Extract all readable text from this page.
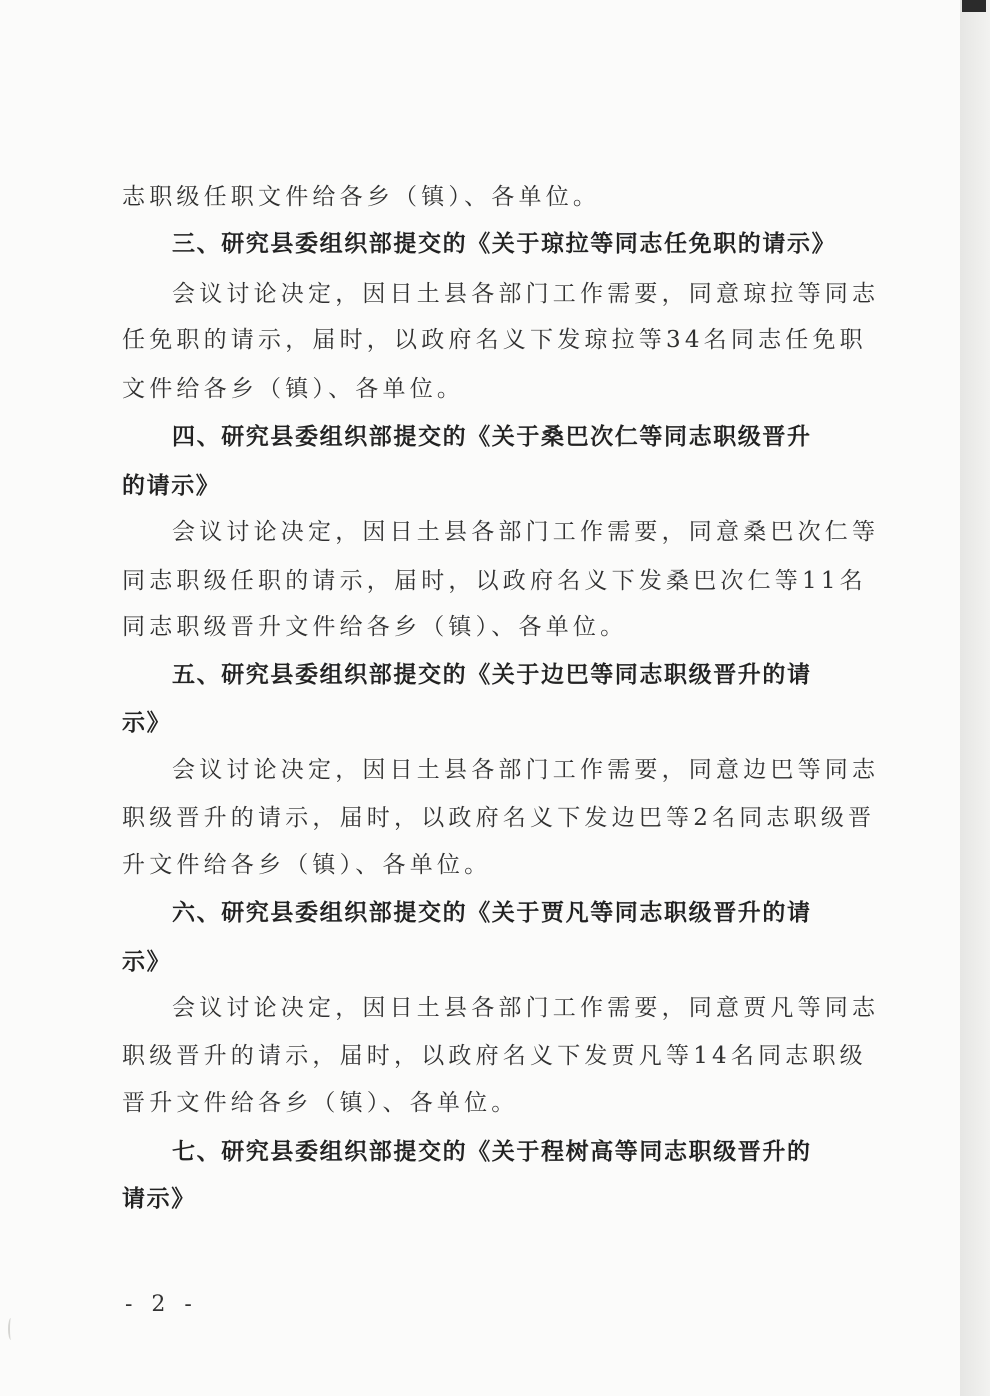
志职级任职文件给各乡（镇）、各单位。
三、研究县委组织部提交的《关于琼拉等同志任免职的请示》
会议讨论决定，因日土县各部门工作需要，同意琼拉等同志
任免职的请示，届时，以政府名义下发琼拉等34名同志任免职
文件给各乡（镇）、各单位。
四、研究县委组织部提交的《关于桑巴次仁等同志职级晋升
的请示》
会议讨论决定，因日土县各部门工作需要，同意桑巴次仁等
同志职级任职的请示，届时，以政府名义下发桑巴次仁等11名
同志职级晋升文件给各乡（镇）、各单位。
五、研究县委组织部提交的《关于边巴等同志职级晋升的请
示》
会议讨论决定，因日土县各部门工作需要，同意边巴等同志
职级晋升的请示，届时，以政府名义下发边巴等2名同志职级晋
升文件给各乡（镇）、各单位。
六、研究县委组织部提交的《关于贾凡等同志职级晋升的请
示》
会议讨论决定，因日土县各部门工作需要，同意贾凡等同志
职级晋升的请示，届时，以政府名义下发贾凡等14名同志职级
晋升文件给各乡（镇）、各单位。
七、研究县委组织部提交的《关于程树高等同志职级晋升的
请示》
- 2 -
